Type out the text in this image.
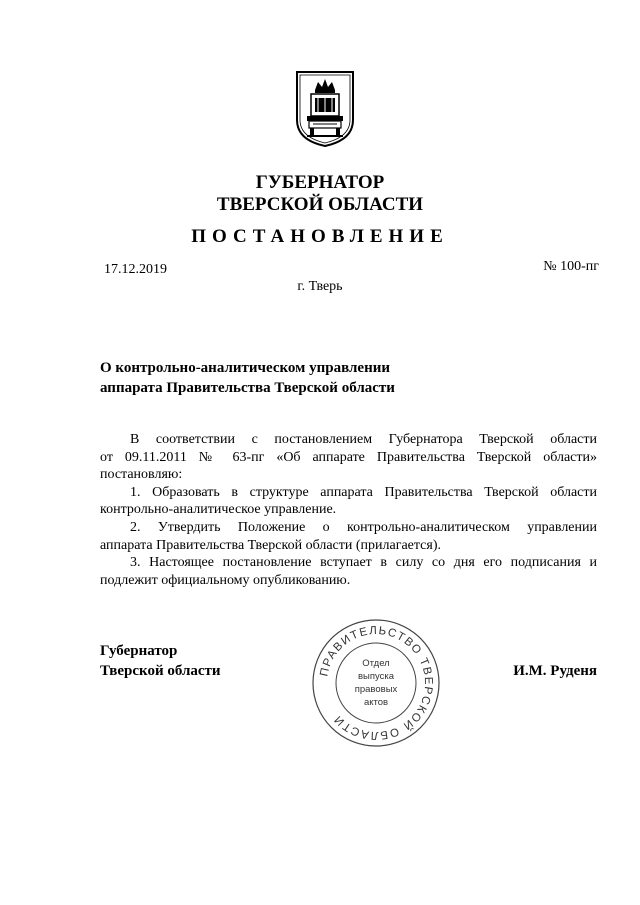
ГУБЕРНАТОР
ТВЕРСКОЙ ОБЛАСТИ
ПОСТАНОВЛЕНИЕ
17.12.2019	№ 100-пг
г. Тверь
О контрольно-аналитическом управлении
аппарата Правительства Тверской области
В соответствии с постановлением Губернатора Тверской области
от 09.11.2011 № 63-пг «Об аппарате Правительства Тверской области»
постановляю:
1. Образовать в структуре аппарата Правительства Тверской области
контрольно-аналитическое управление.
2. Утвердить Положение о контрольно-аналитическом управлении
аппарата Правительства Тверской области (прилагается).
3. Настоящее постановление вступает в силу со дня его подписания и
подлежит официальному опубликованию.
Губернатор
Тверской области	И.М. Руденя
ПРАВИТЕЛЬСТВО ТВЕРСКОЙ ОБЛАСТИ
Отдел
выпуска
правовых
актов
